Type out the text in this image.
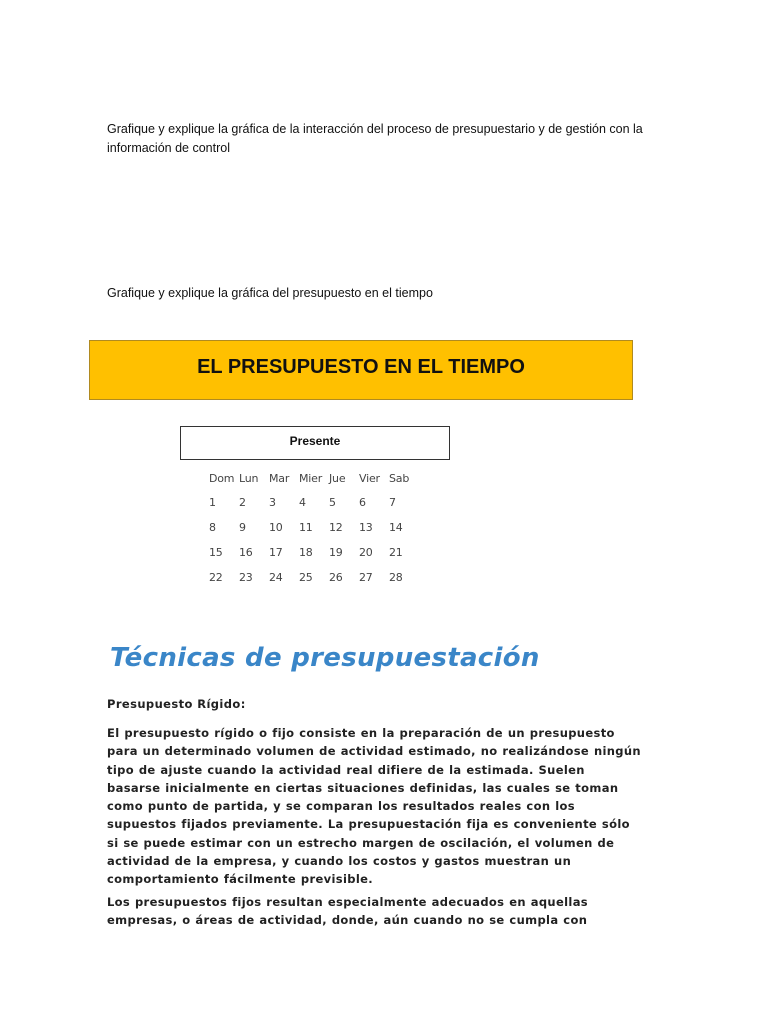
Grafique y explique la gráfica de la interacción del proceso de presupuestario y de gestión con la
información de control
Grafique y explique la gráfica del presupuesto en el tiempo
EL PRESUPUESTO EN EL TIEMPO
Presente
Dom Lun Mar Mier Jue	Vier Sab
1	2	3	4	5	6	7
8	9	10	11	12	13	14
15	16	17	18	19	20	21
22	23	24	25	26	27	28
Técnicas de presupuestación
Presupuesto Rígido:
El presupuesto rígido o fijo consiste en la preparación de un presupuesto
para un determinado volumen de actividad estimado, no realizándose ningún
tipo de ajuste cuando la actividad real difiere de la estimada. Suelen
basarse inicialmente en ciertas situaciones definidas, las cuales se toman
como punto de partida, y se comparan los resultados reales con los
supuestos fijados previamente. La presupuestación fija es conveniente sólo
si se puede estimar con un estrecho margen de oscilación, el volumen de
actividad de la empresa, y cuando los costos y gastos muestran un
comportamiento fácilmente previsible.
Los presupuestos fijos resultan especialmente adecuados en aquellas
empresas, o áreas de actividad, donde, aún cuando no se cumpla con
